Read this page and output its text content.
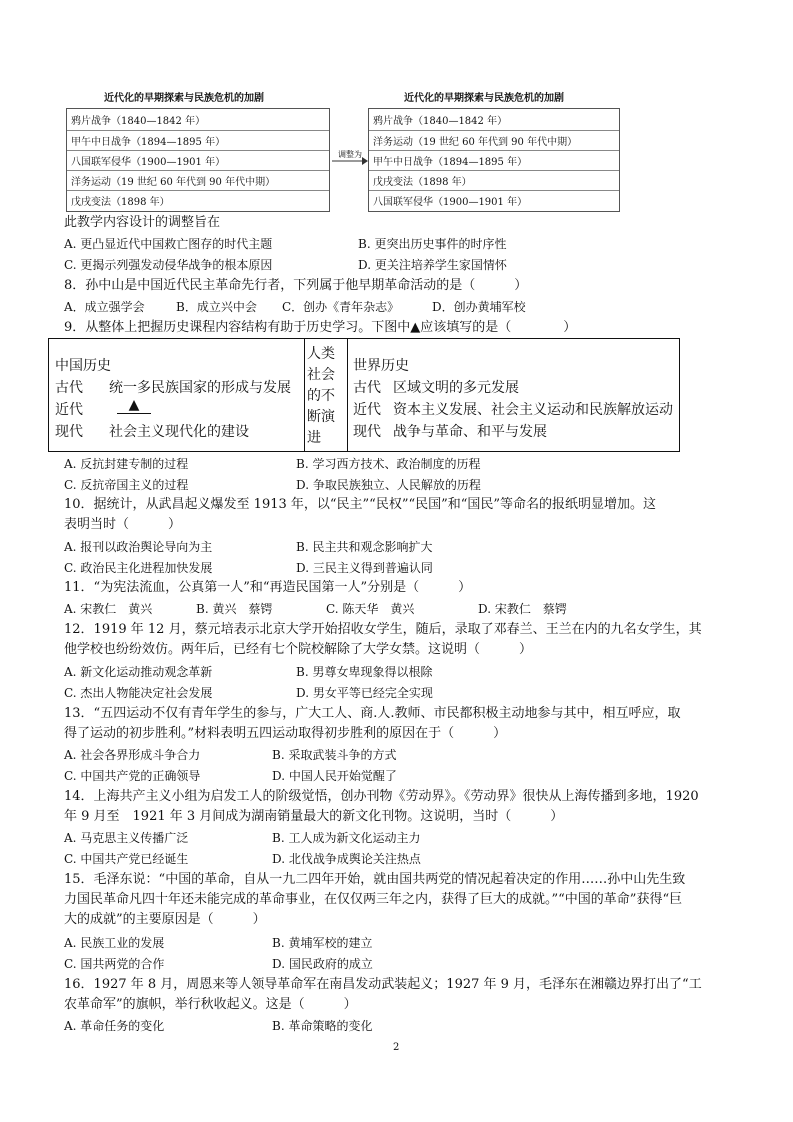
近代化的早期探索与民族危机的加剧
鸦片战争（1840—1842 年）
甲午中日战争（1894—1895 年）
八国联军侵华（1900—1901 年）
洋务运动（19 世纪 60 年代到 90 年代中期）
戊戌变法（1898 年）
调整为
近代化的早期探索与民族危机的加剧
鸦片战争（1840—1842 年）
洋务运动（19 世纪 60 年代到 90 年代中期）
甲午中日战争（1894—1895 年）
戊戌变法（1898 年）
八国联军侵华（1900—1901 年）
此教学内容设计的调整旨在
A. 更凸显近代中国救亡图存的时代主题	B. 更突出历史事件的时序性
C. 更揭示列强发动侵华战争的根本原因	D. 更关注培养学生家国情怀
8．孙中山是中国近代民主革命先行者，下列属于他早期革命活动的是（　　　）
A．成立强学会	B．成立兴中会 C．创办《青年杂志》	D．创办黄埔军校
9．从整体上把握历史课程内容结构有助于历史学习。下图中▲应该填写的是（　　　　）
中国历史
古代 统一多民族国家的形成与发展
近代	▲
现代 社会主义现代化的建设
人类
社会
的不
断演
进
世界历史
古代 区域文明的多元发展
近代 资本主义发展、社会主义运动和民族解放运动
现代 战争与革命、和平与发展
A. 反抗封建专制的过程	B. 学习西方技术、政治制度的历程
C. 反抗帝国主义的过程	D. 争取民族独立、人民解放的历程
10．据统计，从武昌起义爆发至 1913 年，以“民主”“民权”“民国”和“国民”等命名的报纸明显增加。这
表明当时（　　　）
A. 报刊以政治舆论导向为主	B. 民主共和观念影响扩大
C. 政治民主化进程加快发展	D. 三民主义得到普遍认同
11．“为宪法流血，公真第一人”和“再造民国第一人”分别是（　　　）
A. 宋教仁　黄兴	B. 黄兴　蔡锷	C. 陈天华　黄兴	D. 宋教仁　蔡锷
12．1919 年 12 月，蔡元培表示北京大学开始招收女学生，随后，录取了邓春兰、王兰在内的九名女学生，其
他学校也纷纷效仿。两年后，已经有七个院校解除了大学女禁。这说明（　　　）
A. 新文化运动推动观念革新	B. 男尊女卑现象得以根除
C. 杰出人物能决定社会发展	D. 男女平等已经完全实现
13．“五四运动不仅有青年学生的参与，广大工人、商.人.教师、市民都积极主动地参与其中，相互呼应，取
得了运动的初步胜利。”材料表明五四运动取得初步胜利的原因在于（　　　）
A. 社会各界形成斗争合力	B. 采取武装斗争的方式
C. 中国共产党的正确领导	D. 中国人民开始觉醒了
14．上海共产主义小组为启发工人的阶级觉悟，创办刊物《劳动界》。《劳动界》很快从上海传播到多地，1920
年 9 月至　1921 年 3 月间成为湖南销量最大的新文化刊物。这说明，当时（　　　）
A. 马克思主义传播广泛	B. 工人成为新文化运动主力
C. 中国共产党已经诞生	D. 北伐战争成舆论关注热点
15．毛泽东说：“中国的革命，自从一九二四年开始，就由国共两党的情况起着决定的作用……孙中山先生致
力国民革命凡四十年还未能完成的革命事业，在仅仅两三年之内，获得了巨大的成就。”“中国的革命”获得“巨
大的成就”的主要原因是（　　　）
A. 民族工业的发展	B. 黄埔军校的建立
C. 国共两党的合作	D. 国民政府的成立
16．1927 年 8 月，周恩来等人领导革命军在南昌发动武装起义；1927 年 9 月，毛泽东在湘赣边界打出了“工
农革命军”的旗帜，举行秋收起义。这是（　　　）
A. 革命任务的变化	B. 革命策略的变化
2
